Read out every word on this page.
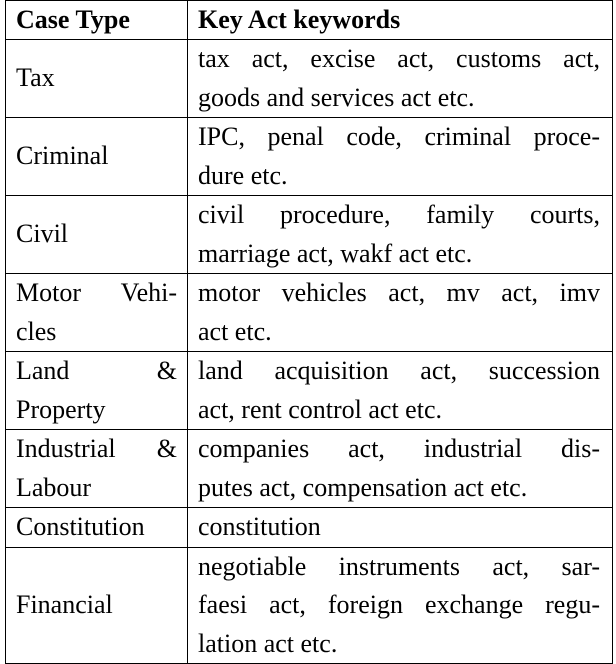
Case Type	Key Act keywords

Tax	tax act, excise act, customs act,
goods and services act etc.

Criminal	IPC, penal code, criminal proce-
dure etc.

Civil	civil procedure, family courts,
marriage act, wakf act etc.

Motor Vehi-
cles	motor vehicles act, mv act, imv
act etc.

Land &
Property	land acquisition act, succession
act, rent control act etc.

Industrial &
Labour	companies act, industrial dis-
putes act, compensation act etc.

Constitution	constitution

Financial	negotiable instruments act, sar-
faesi act, foreign exchange regu-
lation act etc.
